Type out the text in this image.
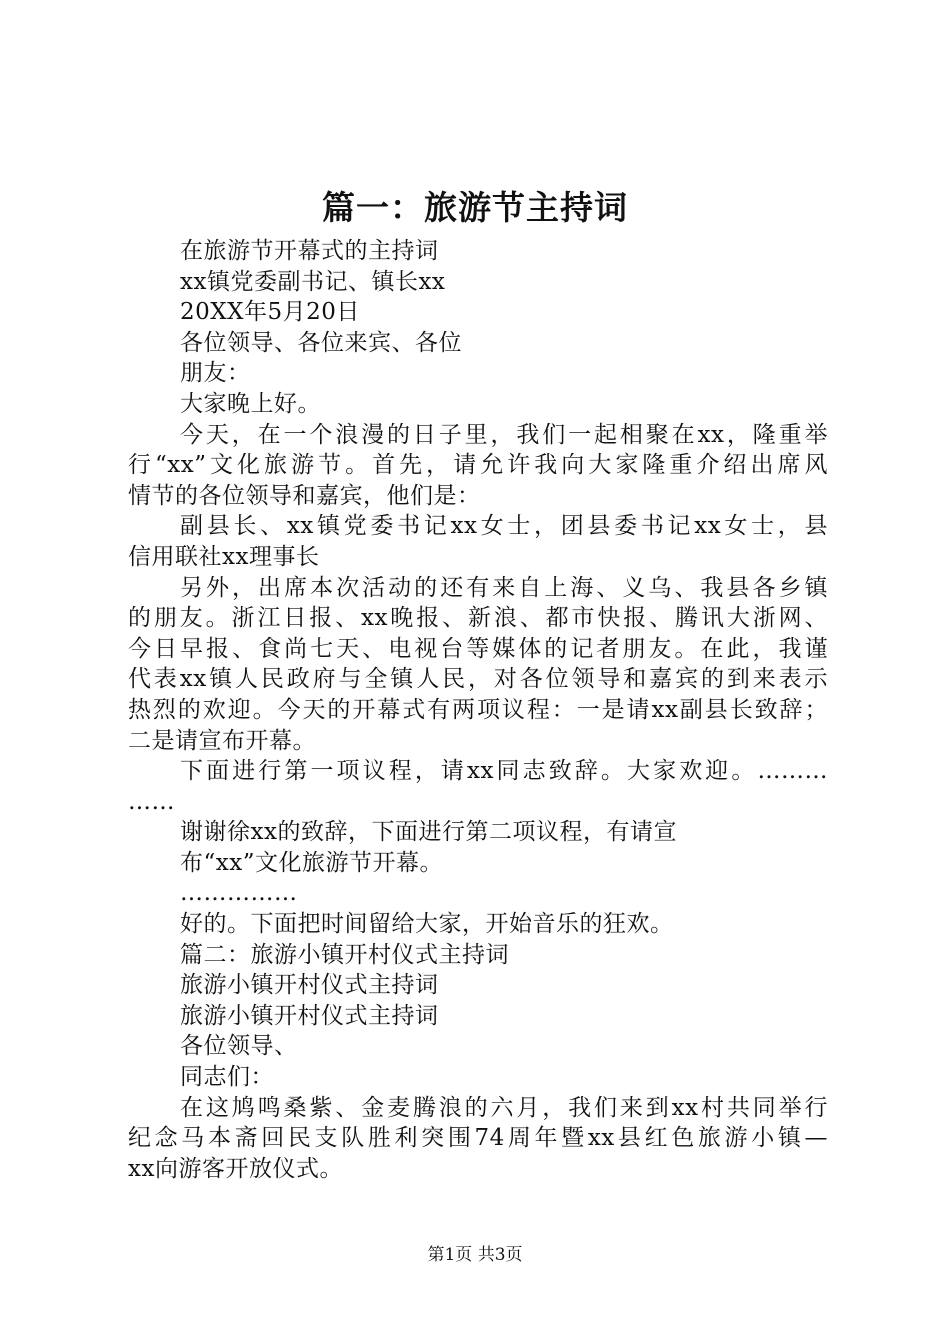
篇一：旅游节主持词
在旅游节开幕式的主持词
xx镇党委副书记、镇长xx
20XX年5月20日
各位领导、各位来宾、各位
朋友：
大家晚上好。
今天，在一个浪漫的日子里，我们一起相聚在xx，隆重举
行“xx”文化旅游节。首先，请允许我向大家隆重介绍出席风
情节的各位领导和嘉宾，他们是：
副县长、xx镇党委书记xx女士，团县委书记xx女士，县
信用联社xx理事长
另外，出席本次活动的还有来自上海、义乌、我县各乡镇
的朋友。浙江日报、xx晚报、新浪、都市快报、腾讯大浙网、
今日早报、食尚七天、电视台等媒体的记者朋友。在此，我谨
代表xx镇人民政府与全镇人民，对各位领导和嘉宾的到来表示
热烈的欢迎。今天的开幕式有两项议程：一是请xx副县长致辞；
二是请宣布开幕。
下面进行第一项议程，请xx同志致辞。大家欢迎。………
……
谢谢徐xx的致辞，下面进行第二项议程，有请宣
布“xx”文化旅游节开幕。
……………
好的。下面把时间留给大家，开始音乐的狂欢。
篇二：旅游小镇开村仪式主持词
旅游小镇开村仪式主持词
旅游小镇开村仪式主持词
各位领导、
同志们：
在这鸠鸣桑紫、金麦腾浪的六月，我们来到xx村共同举行
纪念马本斋回民支队胜利突围74周年暨xx县红色旅游小镇—
xx向游客开放仪式。
第1页 共3页
